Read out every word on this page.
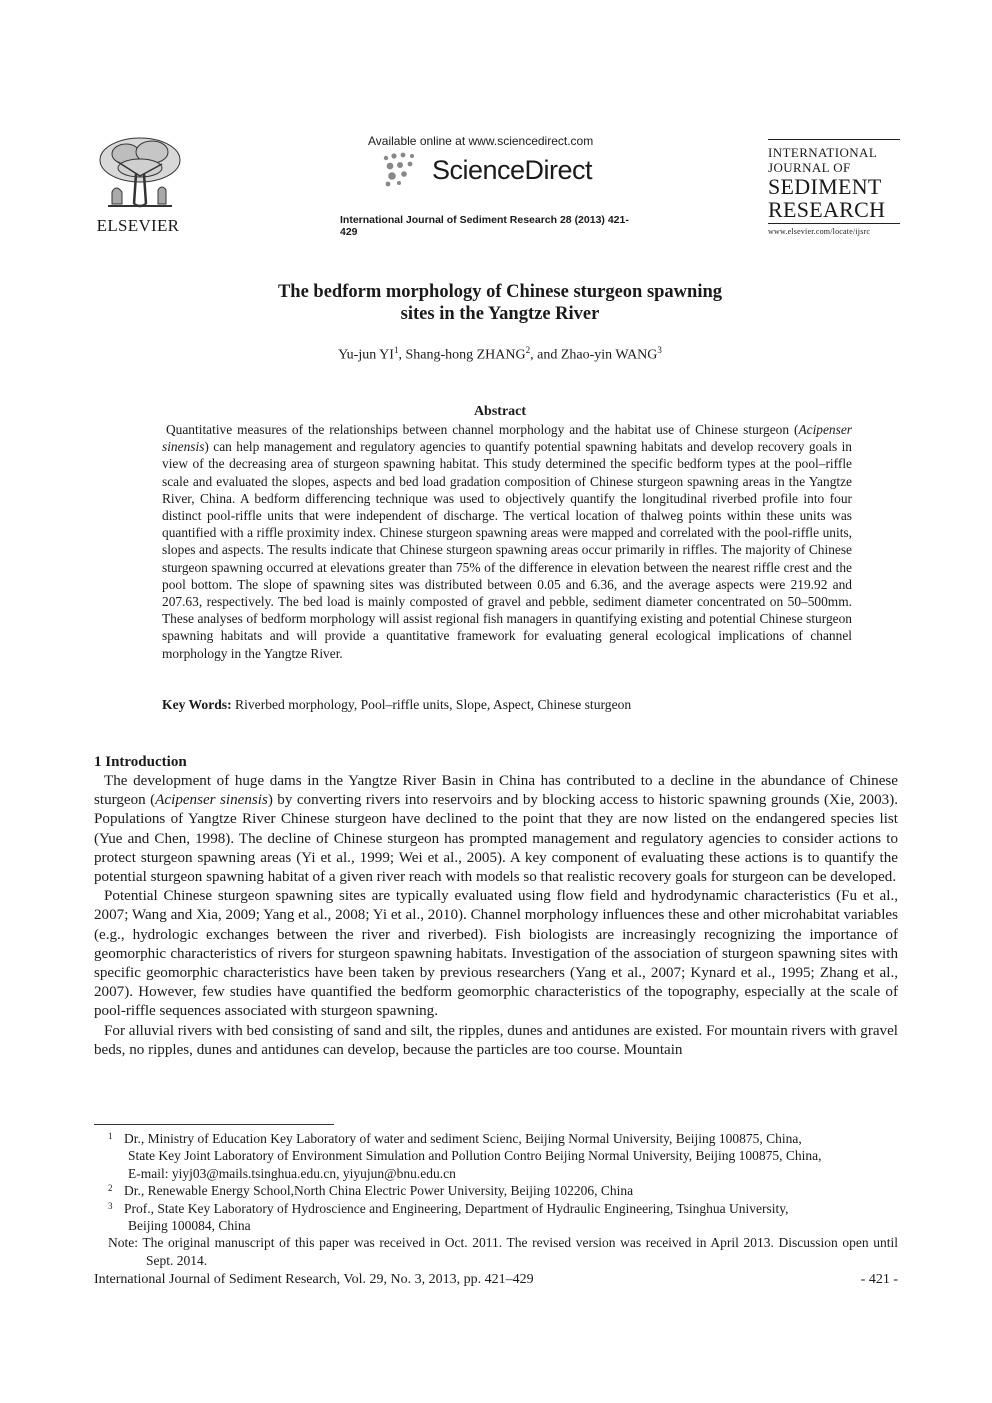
ELSEVIER
Available online at www.sciencedirect.com
ScienceDirect
International Journal of Sediment Research 28 (2013) 421-429
INTERNATIONAL
JOURNAL OF
SEDIMENT
RESEARCH
www.elsevier.com/locate/ijsrc
The bedform morphology of Chinese sturgeon spawning
sites in the Yangtze River
Yu-jun $YI^1$, Shang-hong ZHANG$^2$, and Zhao-yin WANG$^3$
Abstract
Quantitative measures of the relationships between channel morphology and the habitat use of Chinese sturgeon (Acipenser sinensis) can help management and regulatory agencies to quantify potential spawning habitats and develop recovery goals in view of the decreasing area of sturgeon spawning habitat. This study determined the specific bedform types at the pool–riffle scale and evaluated the slopes, aspects and bed load gradation composition of Chinese sturgeon spawning areas in the Yangtze River, China. A bedform differencing technique was used to objectively quantify the longitudinal riverbed profile into four distinct pool-riffle units that were independent of discharge. The vertical location of thalweg points within these units was quantified with a riffle proximity index. Chinese sturgeon spawning areas were mapped and correlated with the pool-riffle units, slopes and aspects. The results indicate that Chinese sturgeon spawning areas occur primarily in riffles. The majority of Chinese sturgeon spawning occurred at elevations greater than 75% of the difference in elevation between the nearest riffle crest and the pool bottom. The slope of spawning sites was distributed between 0.05 and 6.36, and the average aspects were 219.92 and 207.63, respectively. The bed load is mainly composted of gravel and pebble, sediment diameter concentrated on 50–500mm. These analyses of bedform morphology will assist regional fish managers in quantifying existing and potential Chinese sturgeon spawning habitats and will provide a quantitative framework for evaluating general ecological implications of channel morphology in the Yangtze River.
Key Words: Riverbed morphology, Pool–riffle units, Slope, Aspect, Chinese sturgeon
1 Introduction

The development of huge dams in the Yangtze River Basin in China has contributed to a decline in the abundance of Chinese sturgeon (Acipenser sinensis) by converting rivers into reservoirs and by blocking access to historic spawning grounds (Xie, 2003). Populations of Yangtze River Chinese sturgeon have declined to the point that they are now listed on the endangered species list (Yue and Chen, 1998). The decline of Chinese sturgeon has prompted management and regulatory agencies to consider actions to protect sturgeon spawning areas (Yi et al., 1999; Wei et al., 2005). A key component of evaluating these actions is to quantify the potential sturgeon spawning habitat of a given river reach with models so that realistic recovery goals for sturgeon can be developed.

Potential Chinese sturgeon spawning sites are typically evaluated using flow field and hydrodynamic characteristics (Fu et al., 2007; Wang and Xia, 2009; Yang et al., 2008; Yi et al., 2010). Channel morphology influences these and other microhabitat variables (e.g., hydrologic exchanges between the river and riverbed). Fish biologists are increasingly recognizing the importance of geomorphic characteristics of rivers for sturgeon spawning habitats. Investigation of the association of sturgeon spawning sites with specific geomorphic characteristics have been taken by previous researchers (Yang et al., 2007; Kynard et al., 1995; Zhang et al., 2007). However, few studies have quantified the bedform geomorphic characteristics of the topography, especially at the scale of pool-riffle sequences associated with sturgeon spawning.

For alluvial rivers with bed consisting of sand and silt, the ripples, dunes and antidunes are existed. For mountain rivers with gravel beds, no ripples, dunes and antidunes can develop, because the particles are too course. Mountain

1 Dr., Ministry of Education Key Laboratory of water and sediment Scienc, Beijing Normal University, Beijing 100875, China,
State Key Joint Laboratory of Environment Simulation and Pollution Contro Beijing Normal University, Beijing 100875, China,
E-mail: yiyj03@mails.tsinghua.edu.cn, yiyujun@bnu.edu.cn
2 Dr., Renewable Energy School,North China Electric Power University, Beijing 102206, China
3 Prof., State Key Laboratory of Hydroscience and Engineering, Department of Hydraulic Engineering, Tsinghua University,
Beijing 100084, China
Note: The original manuscript of this paper was received in Oct. 2011. The revised version was received in April 2013. Discussion open until Sept. 2014.
International Journal of Sediment Research, Vol. 29, No. 3, 2013, pp. 421–429	- 421 -
